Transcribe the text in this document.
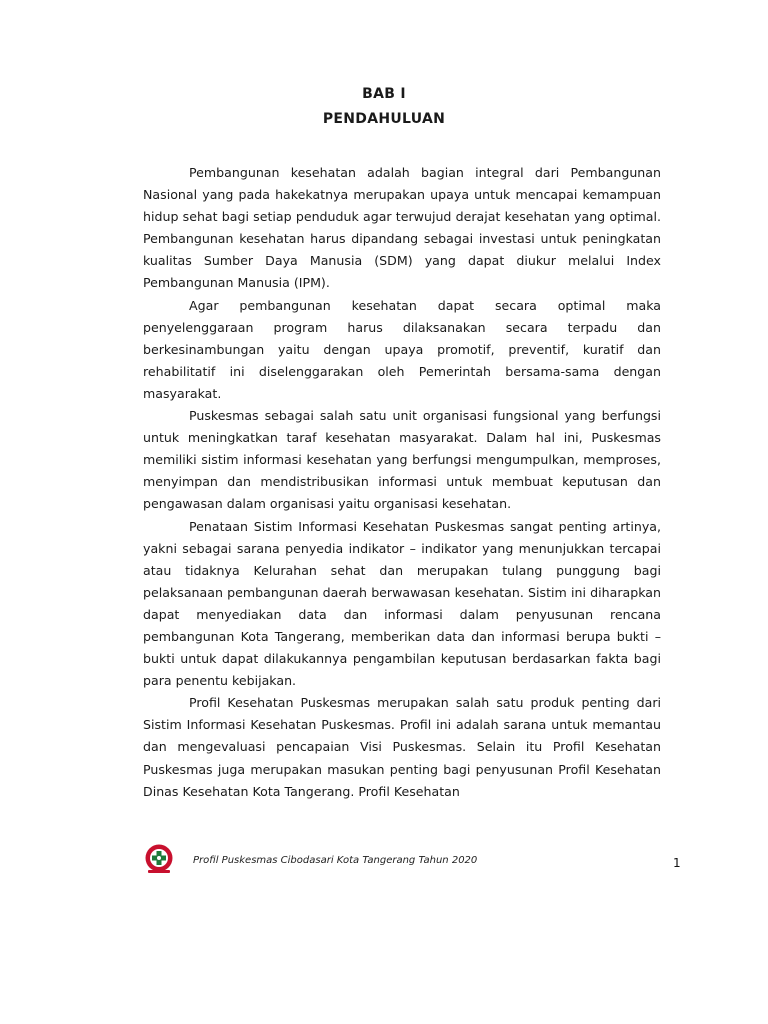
BAB I
PENDAHULUAN

Pembangunan kesehatan adalah bagian integral dari Pembangunan Nasional yang pada hakekatnya merupakan upaya untuk mencapai kemampuan hidup sehat bagi setiap penduduk agar terwujud derajat kesehatan yang optimal. Pembangunan kesehatan harus dipandang sebagai investasi untuk peningkatan kualitas Sumber Daya Manusia (SDM) yang dapat diukur melalui Index Pembangunan Manusia (IPM).

Agar pembangunan kesehatan dapat secara optimal maka penyelenggaraan program harus dilaksanakan secara terpadu dan berkesinambungan yaitu dengan upaya promotif, preventif, kuratif dan rehabilitatif ini diselenggarakan oleh Pemerintah bersama-sama dengan masyarakat.

Puskesmas sebagai salah satu unit organisasi fungsional yang berfungsi untuk meningkatkan taraf kesehatan masyarakat. Dalam hal ini, Puskesmas memiliki sistim informasi kesehatan yang berfungsi mengumpulkan, memproses, menyimpan dan mendistribusikan informasi untuk membuat keputusan dan pengawasan dalam organisasi yaitu organisasi kesehatan.

Penataan Sistim Informasi Kesehatan Puskesmas sangat penting artinya, yakni sebagai sarana penyedia indikator – indikator yang menunjukkan tercapai atau tidaknya Kelurahan sehat dan merupakan tulang punggung bagi pelaksanaan pembangunan daerah berwawasan kesehatan. Sistim ini diharapkan dapat menyediakan data dan informasi dalam penyusunan rencana pembangunan Kota Tangerang, memberikan data dan informasi berupa bukti – bukti untuk dapat dilakukannya pengambilan keputusan berdasarkan fakta bagi para penentu kebijakan.

Profil Kesehatan Puskesmas merupakan salah satu produk penting dari Sistim Informasi Kesehatan Puskesmas. Profil ini adalah sarana untuk memantau dan mengevaluasi pencapaian Visi Puskesmas. Selain itu Profil Kesehatan Puskesmas juga merupakan masukan penting bagi penyusunan Profil Kesehatan Dinas Kesehatan Kota Tangerang. Profil Kesehatan

Profil Puskesmas Cibodasari Kota Tangerang Tahun 2020	1
